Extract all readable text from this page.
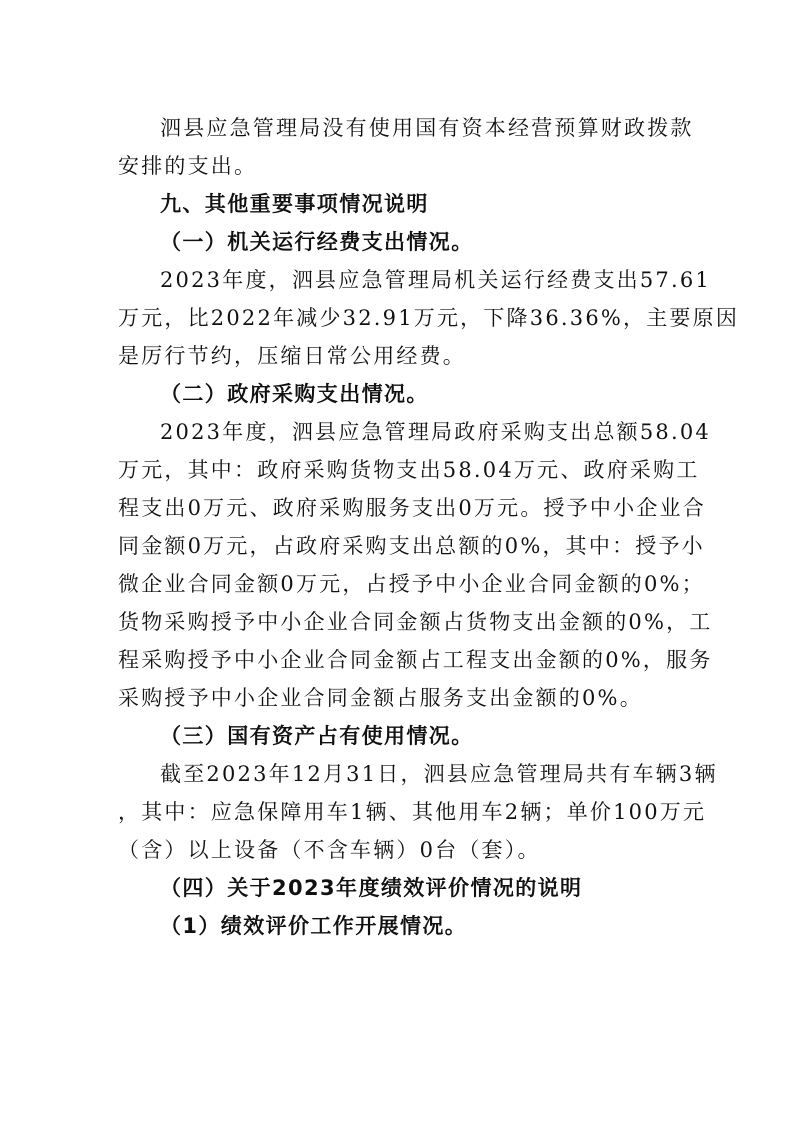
泗县应急管理局没有使用国有资本经营预算财政拨款
安排的支出。
九、其他重要事项情况说明
（一）机关运行经费支出情况。
2023年度，泗县应急管理局机关运行经费支出57.61
万元，比2022年减少32.91万元，下降36.36%，主要原因
是厉行节约，压缩日常公用经费。
（二）政府采购支出情况。
2023年度，泗县应急管理局政府采购支出总额58.04
万元，其中：政府采购货物支出58.04万元、政府采购工
程支出0万元、政府采购服务支出0万元。授予中小企业合
同金额0万元，占政府采购支出总额的0%，其中：授予小
微企业合同金额0万元，占授予中小企业合同金额的0%；
货物采购授予中小企业合同金额占货物支出金额的0%，工
程采购授予中小企业合同金额占工程支出金额的0%，服务
采购授予中小企业合同金额占服务支出金额的0%。
（三）国有资产占有使用情况。
截至2023年12月31日，泗县应急管理局共有车辆3辆
，其中：应急保障用车1辆、其他用车2辆；单价100万元
（含）以上设备（不含车辆）0台（套）。
（四）关于2023年度绩效评价情况的说明
（1）绩效评价工作开展情况。
